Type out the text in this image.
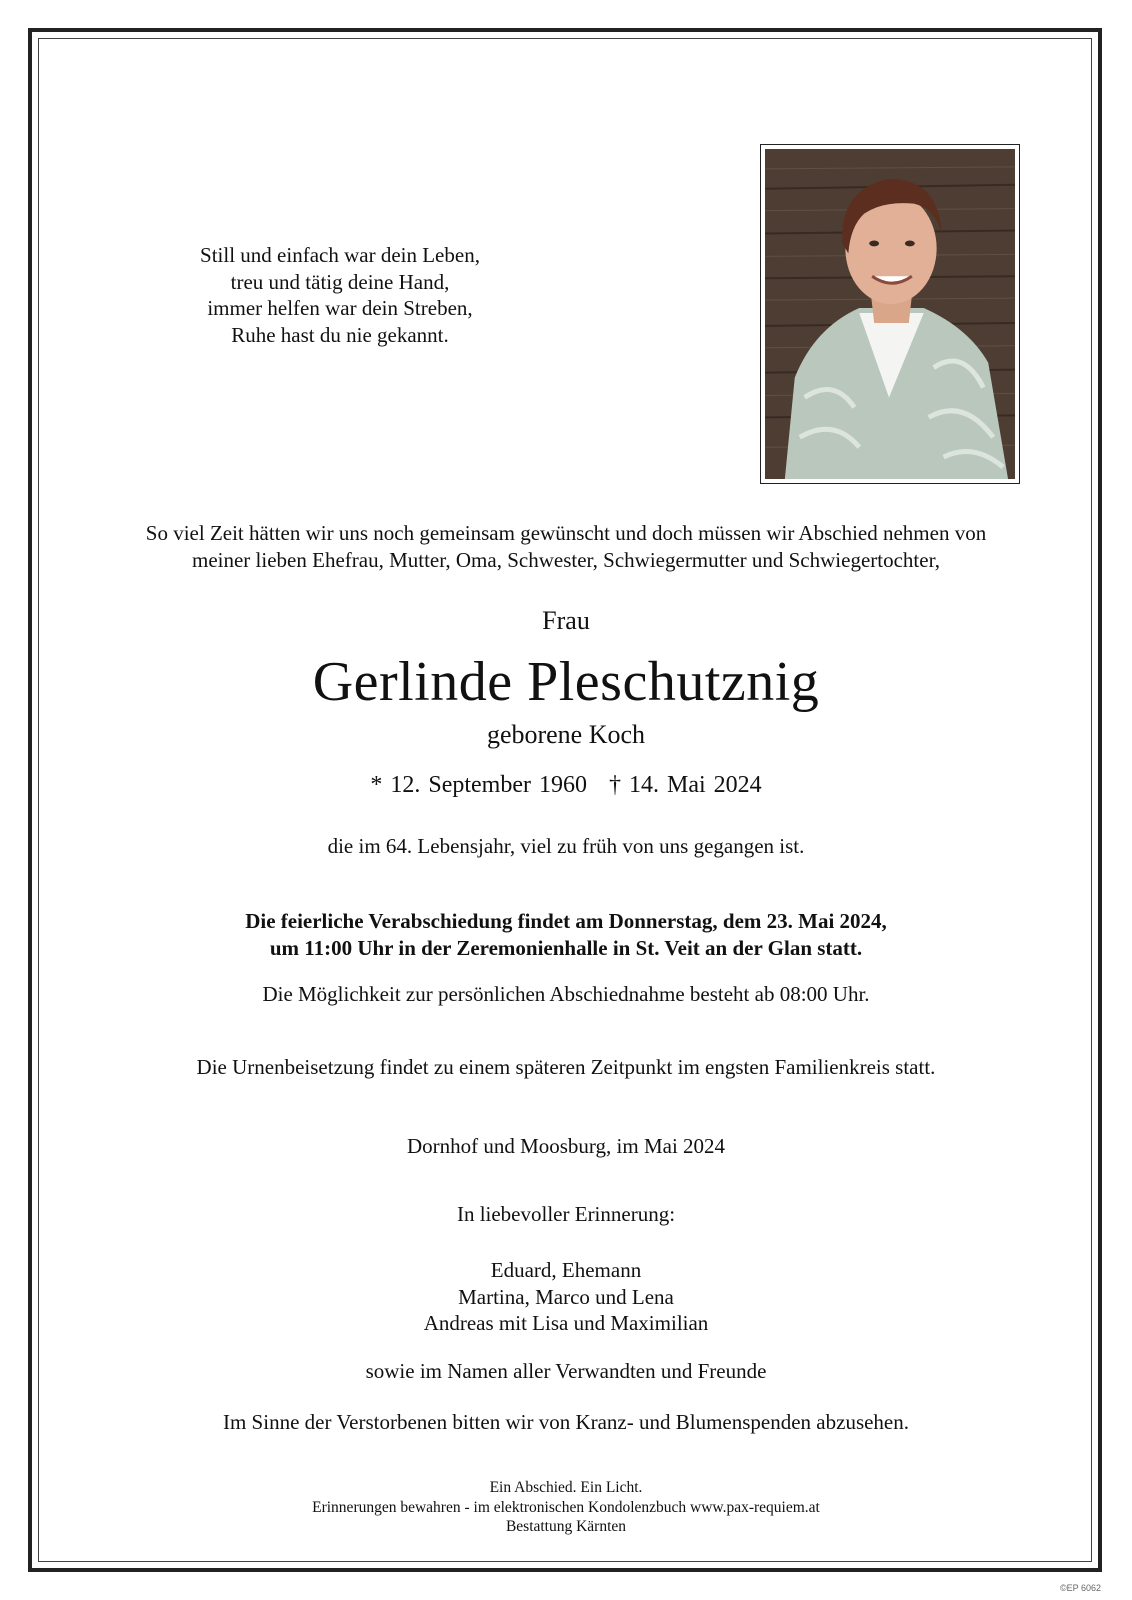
Still und einfach war dein Leben,
treu und tätig deine Hand,
immer helfen war dein Streben,
Ruhe hast du nie gekannt.
So viel Zeit hätten wir uns noch gemeinsam gewünscht und doch müssen wir Abschied nehmen von
meiner lieben Ehefrau, Mutter, Oma, Schwester, Schwiegermutter und Schwiegertochter,
Frau
Gerlinde Pleschutznig
geborene Koch
* 12. September 1960 † 14. Mai 2024
die im 64. Lebensjahr, viel zu früh von uns gegangen ist.
Die feierliche Verabschiedung findet am Donnerstag, dem 23. Mai 2024,
um 11:00 Uhr in der Zeremonienhalle in St. Veit an der Glan statt.
Die Möglichkeit zur persönlichen Abschiednahme besteht ab 08:00 Uhr.
Die Urnenbeisetzung findet zu einem späteren Zeitpunkt im engsten Familienkreis statt.
Dornhof und Moosburg, im Mai 2024
In liebevoller Erinnerung:
Eduard, Ehemann
Martina, Marco und Lena
Andreas mit Lisa und Maximilian
sowie im Namen aller Verwandten und Freunde
Im Sinne der Verstorbenen bitten wir von Kranz- und Blumenspenden abzusehen.
Ein Abschied. Ein Licht.
Erinnerungen bewahren - im elektronischen Kondolenzbuch www.pax-requiem.at
Bestattung Kärnten
©EP 6062
